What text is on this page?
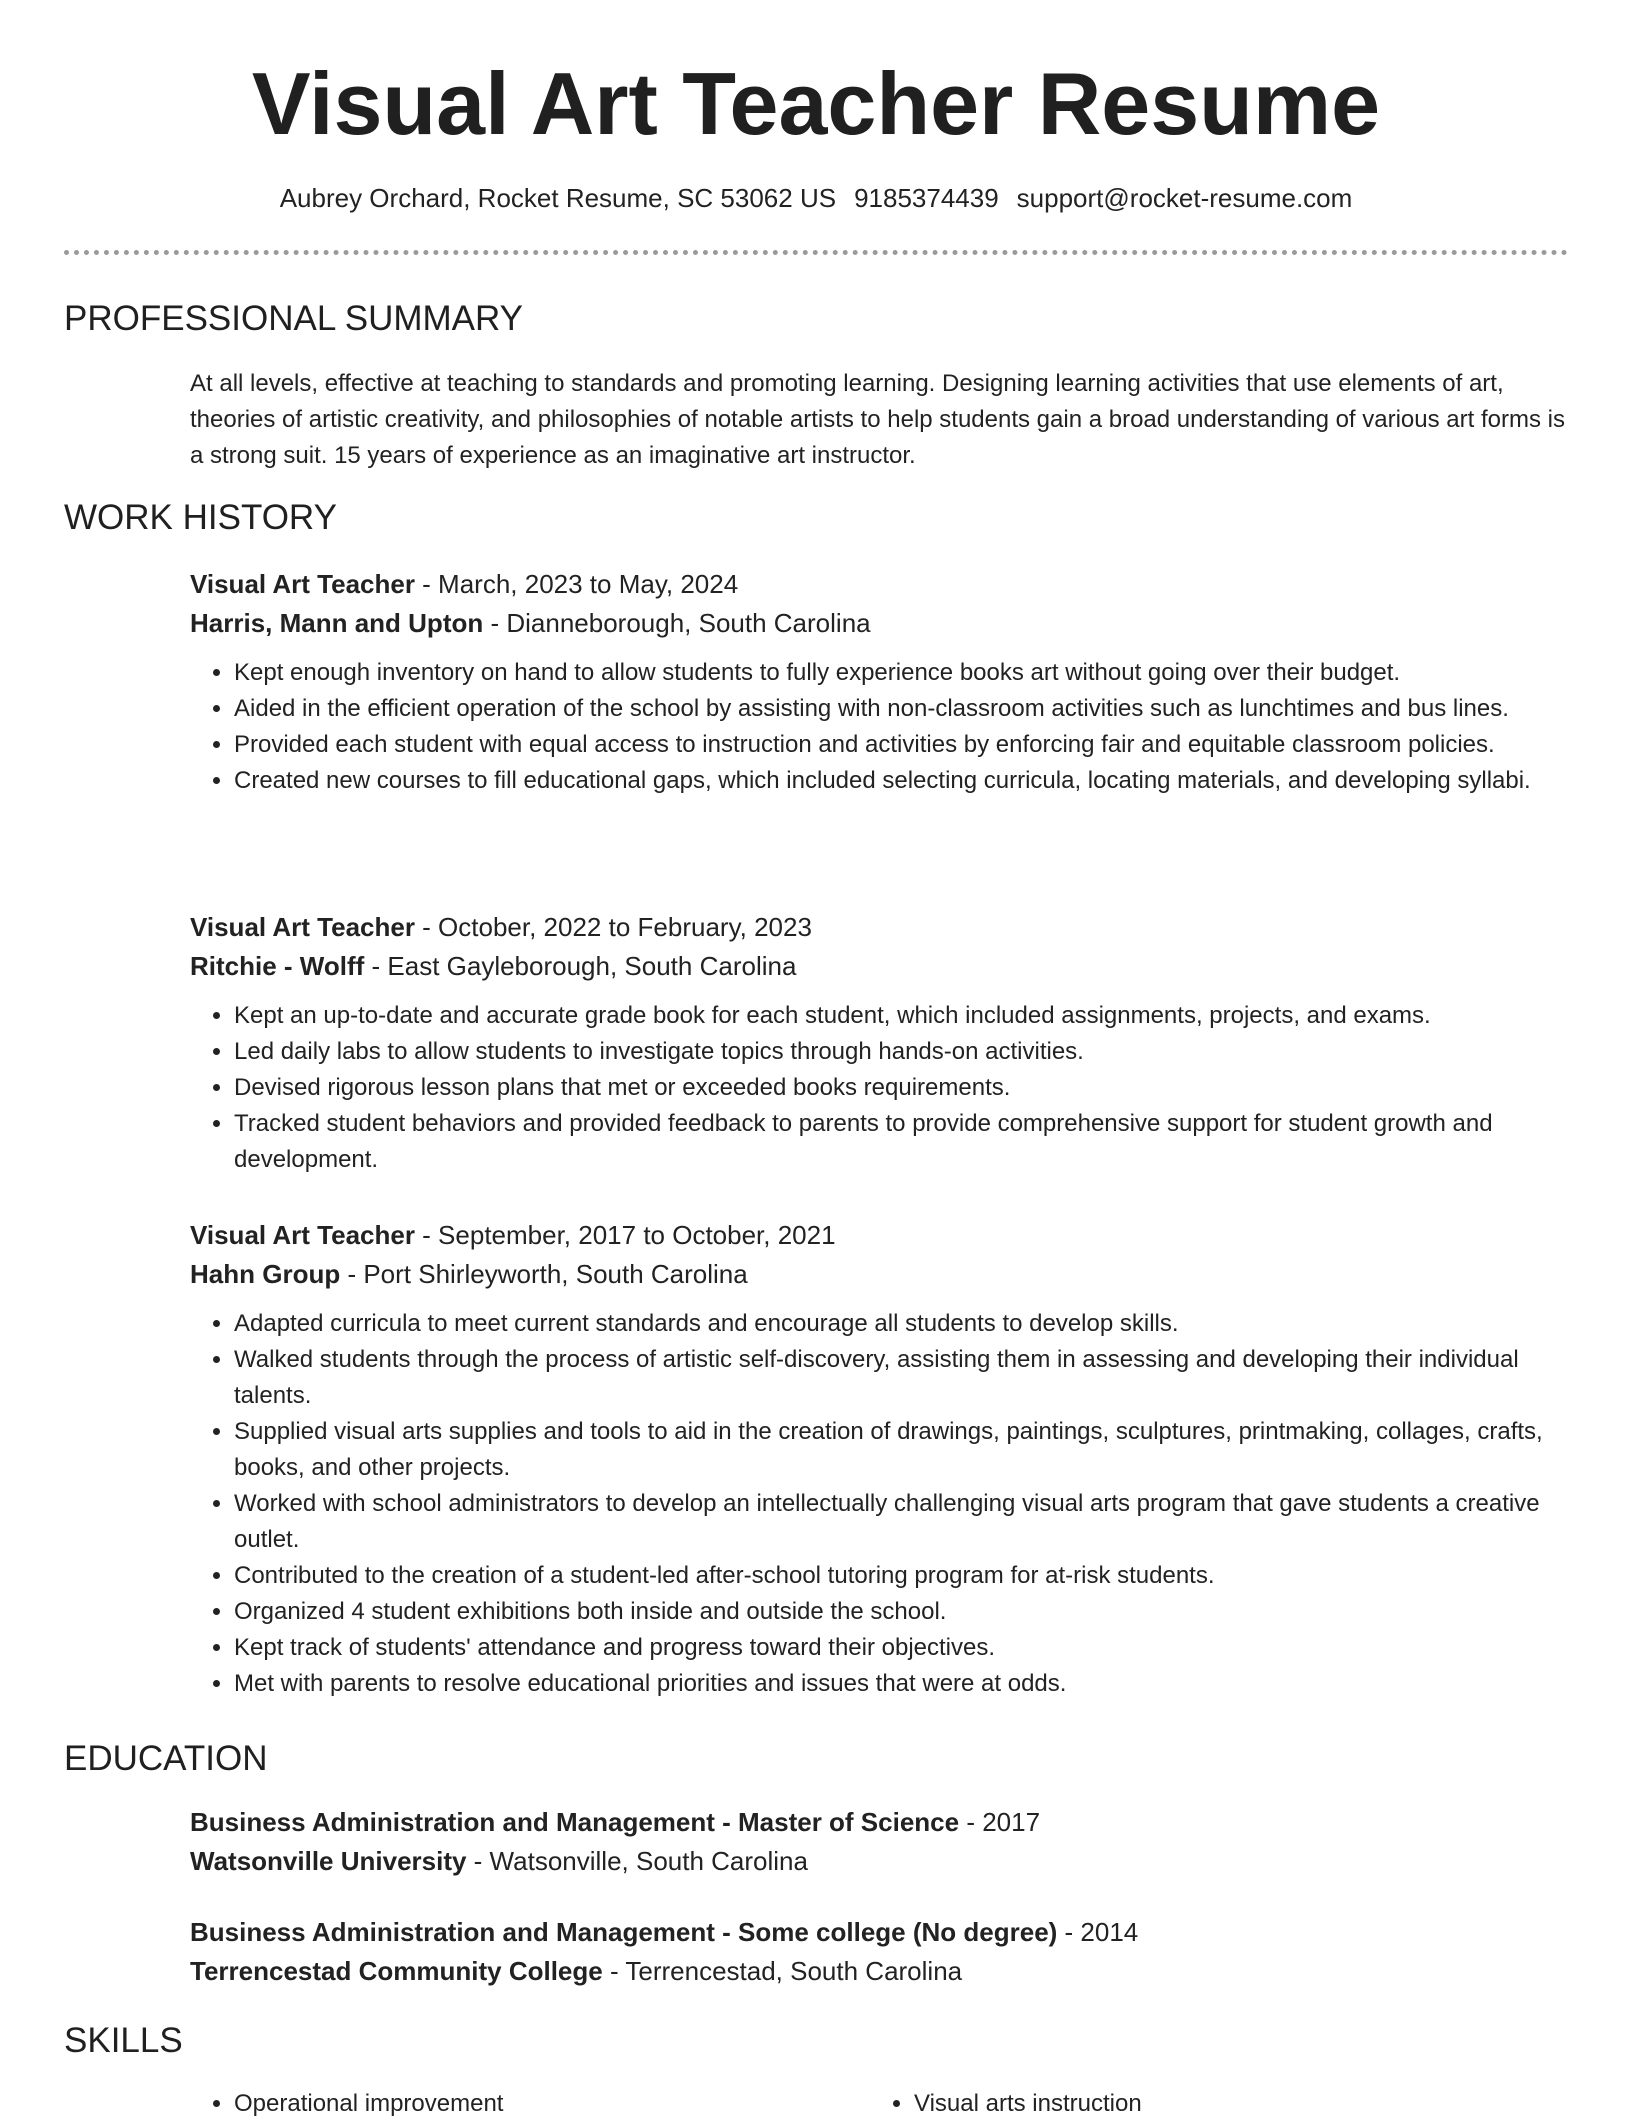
Visual Art Teacher Resume
Aubrey Orchard, Rocket Resume, SC 53062 US 9185374439 support@rocket-resume.com
PROFESSIONAL SUMMARY

At all levels, effective at teaching to standards and promoting learning. Designing learning activities that use elements of art, theories of artistic creativity, and philosophies of notable artists to help students gain a broad understanding of various art forms is a strong suit. 15 years of experience as an imaginative art instructor.

WORK HISTORY
Visual Art Teacher - March, 2023 to May, 2024
Harris, Mann and Upton - Dianneborough, South Carolina
• Kept enough inventory on hand to allow students to fully experience books art without going over their budget.
• Aided in the efficient operation of the school by assisting with non-classroom activities such as lunchtimes and bus lines.
• Provided each student with equal access to instruction and activities by enforcing fair and equitable classroom policies.
• Created new courses to fill educational gaps, which included selecting curricula, locating materials, and developing syllabi.
Visual Art Teacher - October, 2022 to February, 2023
Ritchie - Wolff - East Gayleborough, South Carolina
• Kept an up-to-date and accurate grade book for each student, which included assignments, projects, and exams.
• Led daily labs to allow students to investigate topics through hands-on activities.
• Devised rigorous lesson plans that met or exceeded books requirements.
• Tracked student behaviors and provided feedback to parents to provide comprehensive support for student growth and development.
Visual Art Teacher - September, 2017 to October, 2021
Hahn Group - Port Shirleyworth, South Carolina
• Adapted curricula to meet current standards and encourage all students to develop skills.
• Walked students through the process of artistic self-discovery, assisting them in assessing and developing their individual talents.
• Supplied visual arts supplies and tools to aid in the creation of drawings, paintings, sculptures, printmaking, collages, crafts, books, and other projects.
• Worked with school administrators to develop an intellectually challenging visual arts program that gave students a creative outlet.
• Contributed to the creation of a student-led after-school tutoring program for at-risk students.
• Organized 4 student exhibitions both inside and outside the school.
• Kept track of students' attendance and progress toward their objectives.
• Met with parents to resolve educational priorities and issues that were at odds.
EDUCATION
Business Administration and Management - Master of Science - 2017
Watsonville University - Watsonville, South Carolina
Business Administration and Management - Some college (No degree) - 2014
Terrencestad Community College - Terrencestad, South Carolina
SKILLS
• Operational improvement
•	Visual arts instruction
